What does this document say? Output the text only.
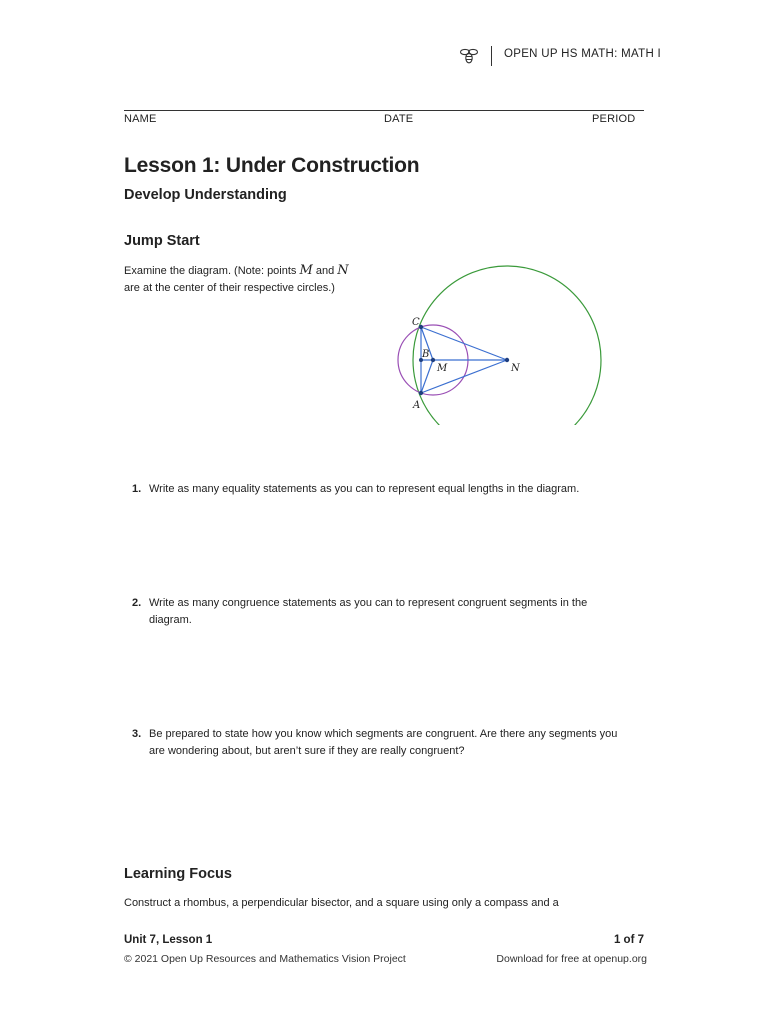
OPEN UP HS MATH: MATH I
NAME	DATE	PERIOD
Lesson 1: Under Construction
Develop Understanding
Jump Start
Examine the diagram. (Note: points M and N
are at the center of their respective circles.)
C
B
M	N
A
1. Write as many equality statements as you can to represent equal lengths in the diagram.
2. Write as many congruence statements as you can to represent congruent segments in the diagram.
3. Be prepared to state how you know which segments are congruent. Are there any segments you are wondering about, but aren’t sure if they are really congruent?
Learning Focus
Construct a rhombus, a perpendicular bisector, and a square using only a compass and a
Unit 7, Lesson 1	1 of 7
© 2021 Open Up Resources and Mathematics Vision Project	Download for free at openup.org
